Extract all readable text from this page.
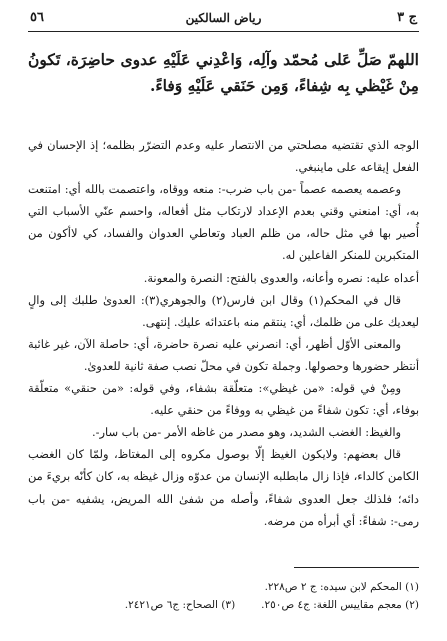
٥٦	رياض السالكين	ج ٣
اللهمّ صَلِّ عَلى مُحمّد وآلِه، وَاعْدِني عَلَيْهِ عدوى حاضِرَة، تَكونُ مِنْ غَيْظي بِه شِفاءً، وَمِن حَنَقي عَلَيْهِ وَفاءً.

الوجه الذي تقتضيه مصلحتي من الانتصار عليه وعدم التضرّر بظلمه؛ إذ الإحسان في الفعل إيقاعه على ماينبغي.

وعصمه يعصمه عصماً -من باب ضرب-: منعه ووقاه، واعتصمت بالله أي: امتنعت به، أي: امنعني وقني بعدم الإعداد لارتكاب مثل أفعاله، واحسم عنّي الأسباب التي أُصير بها في مثل حاله، من ظلم العباد وتعاطي العدوان والفساد، كي لاأكون من المتكبرين للمنكر الفاعلين له.

أعداه عليه: نصره وأعانه، والعدوى بالفتح: النصرة والمعونة.

قال في المحكم(١) وقال ابن فارس(٢) والجوهري(٣): العدوىٰ طلبك إلى والٍ ليعديك على من ظلمك، أي: ينتقم منه باعتدائه عليك. إنتهى.

والمعنى الأوّل أظهر، أي: انصرني عليه نصرة حاضرة، أي: حاصلة الآن، غير غائبة أنتظر حضورها وحصولها. وجملة تكون في محلّ نصب صفة ثانية للعدوىٰ.

ومِنْ في قوله: «من غيظي»: متعلّقة بشفاء، وفي قوله: «من حنقي» متعلّقة بوفاء، أي: تكون شفاءً من غيظي به ووفاءً من حنقي عليه.

والغيظ: الغضب الشديد، وهو مصدر من غاظه الأمر -من باب سار-.

قال بعضهم: ولايكون الغيظ إلّا بوصول مكروه إلى المغتاظ، ولمّا كان الغضب الكامن كالداء، فإذا زال مابطلبه الإنسان من عدوّه وزال غيظه به، كان كأنّه بريءَ من دائه؛ فلذلك جعل العدوى شفاءً، وأصله من شفىٰ الله المريض، يشفيه -من باب رمى-: شفاءً: أي أبرأه من مرضه.

(١) المحكم لابن سيده: ج ٢ ص٢٢٨.
(٢) معجم مقاييس اللغة: ج٤ ص٢٥٠.(٣) الصحاح: ج٦ ص٢٤٢١.
